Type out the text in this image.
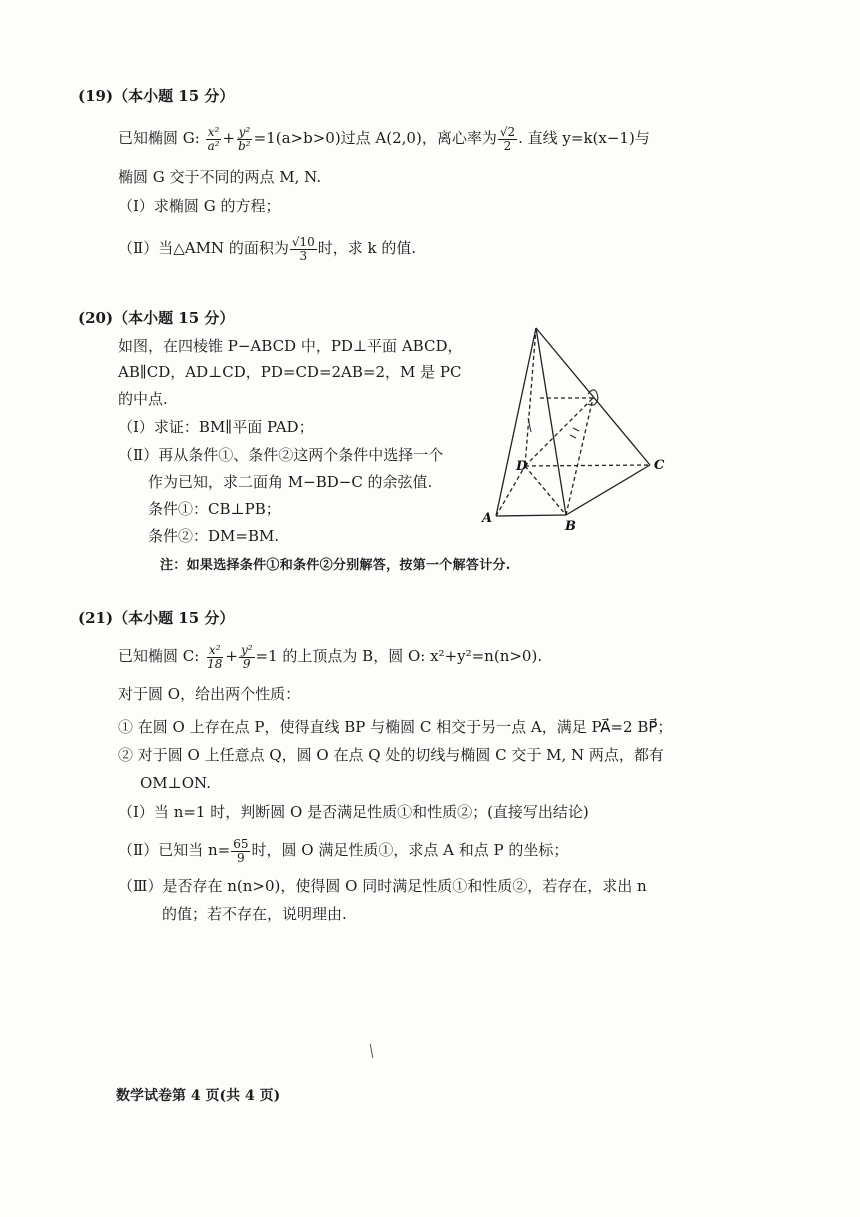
(19)（本小题 15 分）
已知椭圆 G: $\frac{\text{x²}}{\text{a²}} + \frac{\text{y²}}{\text{b²}} =1(a>b>0)$过点 A(2,0)，离心率为 $\frac{√2}{2}$ . 直线 y=k(x−1)与
椭圆 G 交于不同的两点 M, N.
（Ⅰ）求椭圆 G 的方程；
（Ⅱ）当△AMN 的面积为 $\frac{√10}{3}$ 时，求 k 的值.
(20)（本小题 15 分）
如图，在四棱锥 P−ABCD 中，PD⊥平面 ABCD，
AB∥CD，AD⊥CD，PD=CD=2AB=2，M 是 PC
的中点.
（Ⅰ）求证：BM∥平面 PAD；
（Ⅱ）再从条件①、条件②这两个条件中选择一个
作为已知，求二面角 M−BD−C 的余弦值.
条件①：CB⊥PB；
条件②：DM=BM.
注：如果选择条件①和条件②分别解答，按第一个解答计分.
A
B
C
D
(21)（本小题 15 分）
已知椭圆 C: $\frac{\text{x²}}{18} + \frac{\text{y²}}{9} =1$ 的上顶点为 B，圆 O: x²+y²=n(n>0).
对于圆 O，给出两个性质：
① 在圆 O 上存在点 P，使得直线 BP 与椭圆 C 相交于另一点 A，满足 PA⃗=2 BP⃗；
② 对于圆 O 上任意点 Q，圆 O 在点 Q 处的切线与椭圆 C 交于 M, N 两点，都有
OM⊥ON.
（Ⅰ）当 n=1 时，判断圆 O 是否满足性质①和性质②；(直接写出结论)
（Ⅱ）已知当 $n= \frac{65}{9}$ 时，圆 O 满足性质①，求点 A 和点 P 的坐标；
（Ⅲ）是否存在 n(n>0)，使得圆 O 同时满足性质①和性质②，若存在，求出 n
的值；若不存在，说明理由.
数学试卷第 4 页(共 4 页)
